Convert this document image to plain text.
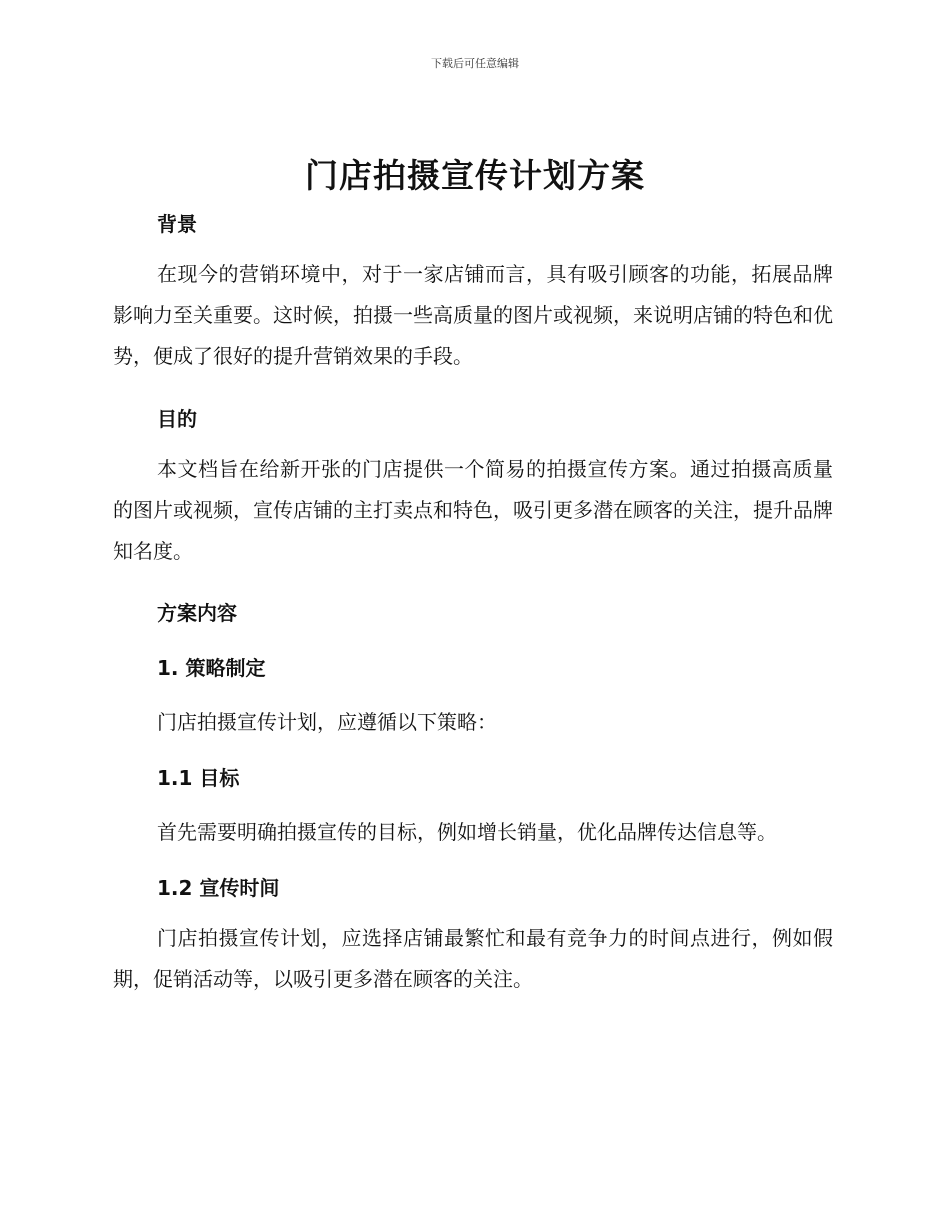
下载后可任意编辑
门店拍摄宣传计划方案
背景
在现今的营销环境中，对于一家店铺而言，具有吸引顾客的功能，拓展品牌影响力至关重要。这时候，拍摄一些高质量的图片或视频，来说明店铺的特色和优势，便成了很好的提升营销效果的手段。
目的
本文档旨在给新开张的门店提供一个简易的拍摄宣传方案。通过拍摄高质量的图片或视频，宣传店铺的主打卖点和特色，吸引更多潜在顾客的关注，提升品牌知名度。
方案内容
1. 策略制定
门店拍摄宣传计划，应遵循以下策略：
1.1 目标
首先需要明确拍摄宣传的目标，例如增长销量，优化品牌传达信息等。
1.2 宣传时间
门店拍摄宣传计划，应选择店铺最繁忙和最有竞争力的时间点进行，例如假期，促销活动等，以吸引更多潜在顾客的关注。
